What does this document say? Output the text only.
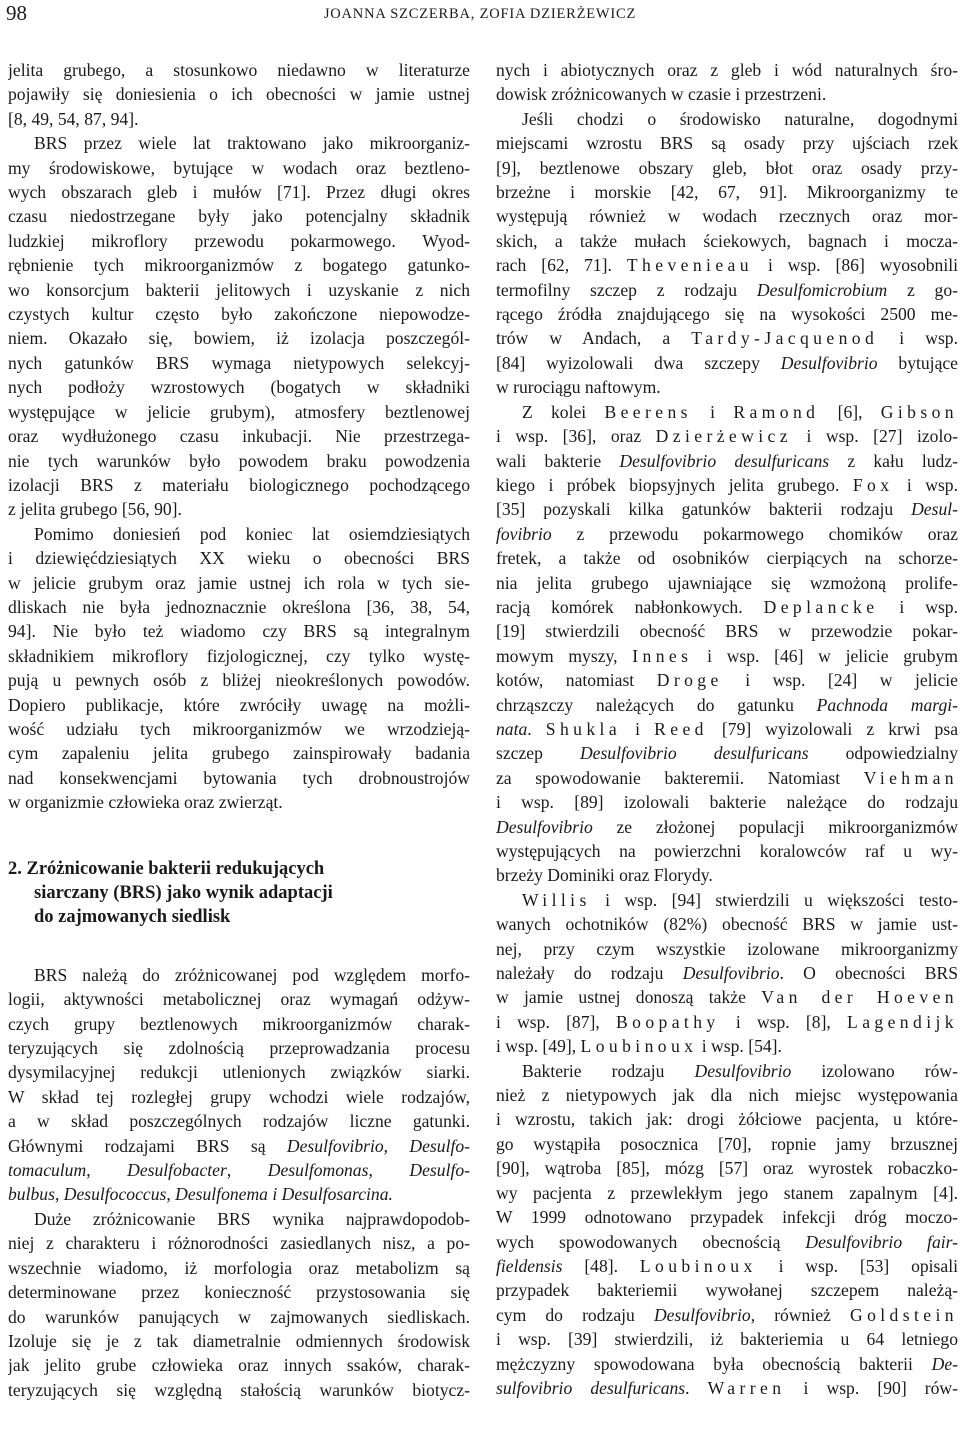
98	JOANNA SZCZERBA, ZOFIA DZIERŻEWICZ
jelita grubego, a stosunkowo niedawno w literaturze
pojawiły się doniesienia o ich obecności w jamie ustnej
[8, 49, 54, 87, 94].
BRS przez wiele lat traktowano jako mikroorganiz-
my środowiskowe, bytujące w wodach oraz beztleno-
wych obszarach gleb i mułów [71]. Przez długi okres
czasu niedostrzegane były jako potencjalny składnik
ludzkiej mikroflory przewodu pokarmowego. Wyod-
rębnienie tych mikroorganizmów z bogatego gatunko-
wo konsorcjum bakterii jelitowych i uzyskanie z nich
czystych kultur często było zakończone niepowodze-
niem. Okazało się, bowiem, iż izolacja poszczegól-
nych gatunków BRS wymaga nietypowych selekcyj-
nych podłoży wzrostowych (bogatych w składniki
występujące w jelicie grubym), atmosfery beztlenowej
oraz wydłużonego czasu inkubacji. Nie przestrzega-
nie tych warunków było powodem braku powodzenia
izolacji BRS z materiału biologicznego pochodzącego
z jelita grubego [56, 90].
Pomimo doniesień pod koniec lat osiemdziesiątych
i dziewięćdziesiątych XX wieku o obecności BRS
w jelicie grubym oraz jamie ustnej ich rola w tych sie-
dliskach nie była jednoznacznie określona [36, 38, 54,
94]. Nie było też wiadomo czy BRS są integralnym
składnikiem mikroflory fizjologicznej, czy tylko wystę-
pują u pewnych osób z bliżej nieokreślonych powodów.
Dopiero publikacje, które zwróciły uwagę na możli-
wość udziału tych mikroorganizmów we wrzodzieją-
cym zapaleniu jelita grubego zainspirowały badania
nad konsekwencjami bytowania tych drobnoustrojów
w organizmie człowieka oraz zwierząt.
2. Zróżnicowanie bakterii redukujących
siarczany (BRS) jako wynik adaptacji
do zajmowanych siedlisk
BRS należą do zróżnicowanej pod względem morfo-
logii, aktywności metabolicznej oraz wymagań odżyw-
czych grupy beztlenowych mikroorganizmów charak-
teryzujących się zdolnością przeprowadzania procesu
dysymilacyjnej redukcji utlenionych związków siarki.
W skład tej rozległej grupy wchodzi wiele rodzajów,
a w skład poszczególnych rodzajów liczne gatunki.
Głównymi rodzajami BRS są Desulfovibrio, Desulfo-
tomaculum, Desulfobacter, Desulfomonas, Desulfo-
bulbus, Desulfococcus, Desulfonema i Desulfosarcina.
Duże zróżnicowanie BRS wynika najprawdopodob-
niej z charakteru i różnorodności zasiedlanych nisz, a po-
wszechnie wiadomo, iż morfologia oraz metabolizm są
determinowane przez konieczność przystosowania się
do warunków panujących w zajmowanych siedliskach.
Izoluje się je z tak diametralnie odmiennych środowisk
jak jelito grube człowieka oraz innych ssaków, charak-
teryzujących się względną stałością warunków biotycz-
nych i abiotycznych oraz z gleb i wód naturalnych śro-
dowisk zróżnicowanych w czasie i przestrzeni.
Jeśli chodzi o środowisko naturalne, dogodnymi
miejscami wzrostu BRS są osady przy ujściach rzek
[9], beztlenowe obszary gleb, błot oraz osady przy-
brzeżne i morskie [42, 67, 91]. Mikroorganizmy te
występują również w wodach rzecznych oraz mor-
skich, a także mułach ściekowych, bagnach i mocza-
rach [62, 71]. Thevenieau i wsp. [86] wyosobnili
termofilny szczep z rodzaju Desulfomicrobium z go-
rącego źródła znajdującego się na wysokości 2500 me-
trów w Andach, a Tardy-Jacquenod i wsp.
[84] wyizolowali dwa szczepy Desulfovibrio bytujące
w rurociągu naftowym.
Z kolei Beerens i Ramond [6], Gibson
i wsp. [36], oraz Dzierżewicz i wsp. [27] izolo-
wali bakterie Desulfovibrio desulfuricans z kału ludz-
kiego i próbek biopsyjnych jelita grubego. Fox i wsp.
[35] pozyskali kilka gatunków bakterii rodzaju Desul-
fovibrio z przewodu pokarmowego chomików oraz
fretek, a także od osobników cierpiących na schorze-
nia jelita grubego ujawniające się wzmożoną prolife-
racją komórek nabłonkowych. Deplancke i wsp.
[19] stwierdzili obecność BRS w przewodzie pokar-
mowym myszy, Innes i wsp. [46] w jelicie grubym
kotów, natomiast Droge i wsp. [24] w jelicie
chrząszczy należących do gatunku Pachnoda margi-
nata. Shukla i Reed [79] wyizolowali z krwi psa
szczep Desulfovibrio desulfuricans odpowiedzialny
za spowodowanie bakteremii. Natomiast Viehman
i wsp. [89] izolowali bakterie należące do rodzaju
Desulfovibrio ze złożonej populacji mikroorganizmów
występujących na powierzchni koralowców raf u wy-
brzeży Dominiki oraz Florydy.
Willis i wsp. [94] stwierdzili u większości testo-
wanych ochotników (82%) obecność BRS w jamie ust-
nej, przy czym wszystkie izolowane mikroorganizmy
należały do rodzaju Desulfovibrio. O obecności BRS
w jamie ustnej donoszą także Van der Hoeven
i wsp. [87], Boopathy i wsp. [8], Lagendijk
i wsp. [49], Loubinoux i wsp. [54].
Bakterie rodzaju Desulfovibrio izolowano rów-
nież z nietypowych jak dla nich miejsc występowania
i wzrostu, takich jak: drogi żółciowe pacjenta, u które-
go wystąpiła posocznica [70], ropnie jamy brzusznej
[90], wątroba [85], mózg [57] oraz wyrostek robaczko-
wy pacjenta z przewlekłym jego stanem zapalnym [4].
W 1999 odnotowano przypadek infekcji dróg moczo-
wych spowodowanych obecnością Desulfovibrio fair-
fieldensis [48]. Loubinoux i wsp. [53] opisali
przypadek bakteriemii wywołanej szczepem należą-
cym do rodzaju Desulfovibrio, również Goldstein
i wsp. [39] stwierdzili, iż bakteriemia u 64 letniego
mężczyzny spowodowana była obecnością bakterii De-
sulfovibrio desulfuricans. Warren i wsp. [90] rów-
